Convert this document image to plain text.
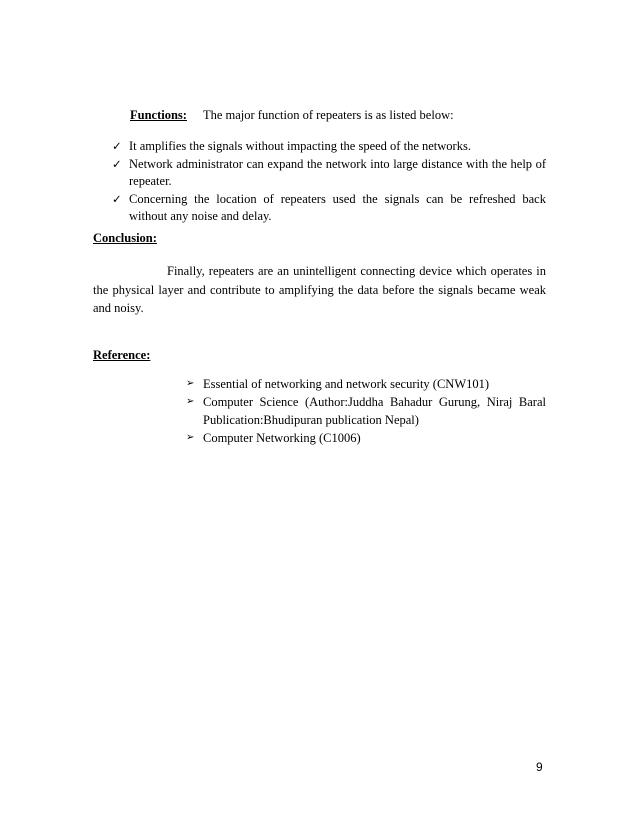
Functions: The major function of repeaters is as listed below:
✓ It amplifies the signals without impacting the speed of the networks.
✓ Network administrator can expand the network into large distance with the help of repeater.
✓ Concerning the location of repeaters used the signals can be refreshed back without any noise and delay.
Conclusion:

Finally, repeaters are an unintelligent connecting device which operates in the physical layer and contribute to amplifying the data before the signals became weak and noisy.

Reference:
➢ Essential of networking and network security (CNW101)
➢ Computer Science (Author:Juddha Bahadur Gurung, Niraj Baral Publication:Bhudipuran publication Nepal)
➢ Computer Networking (C1006)
9
